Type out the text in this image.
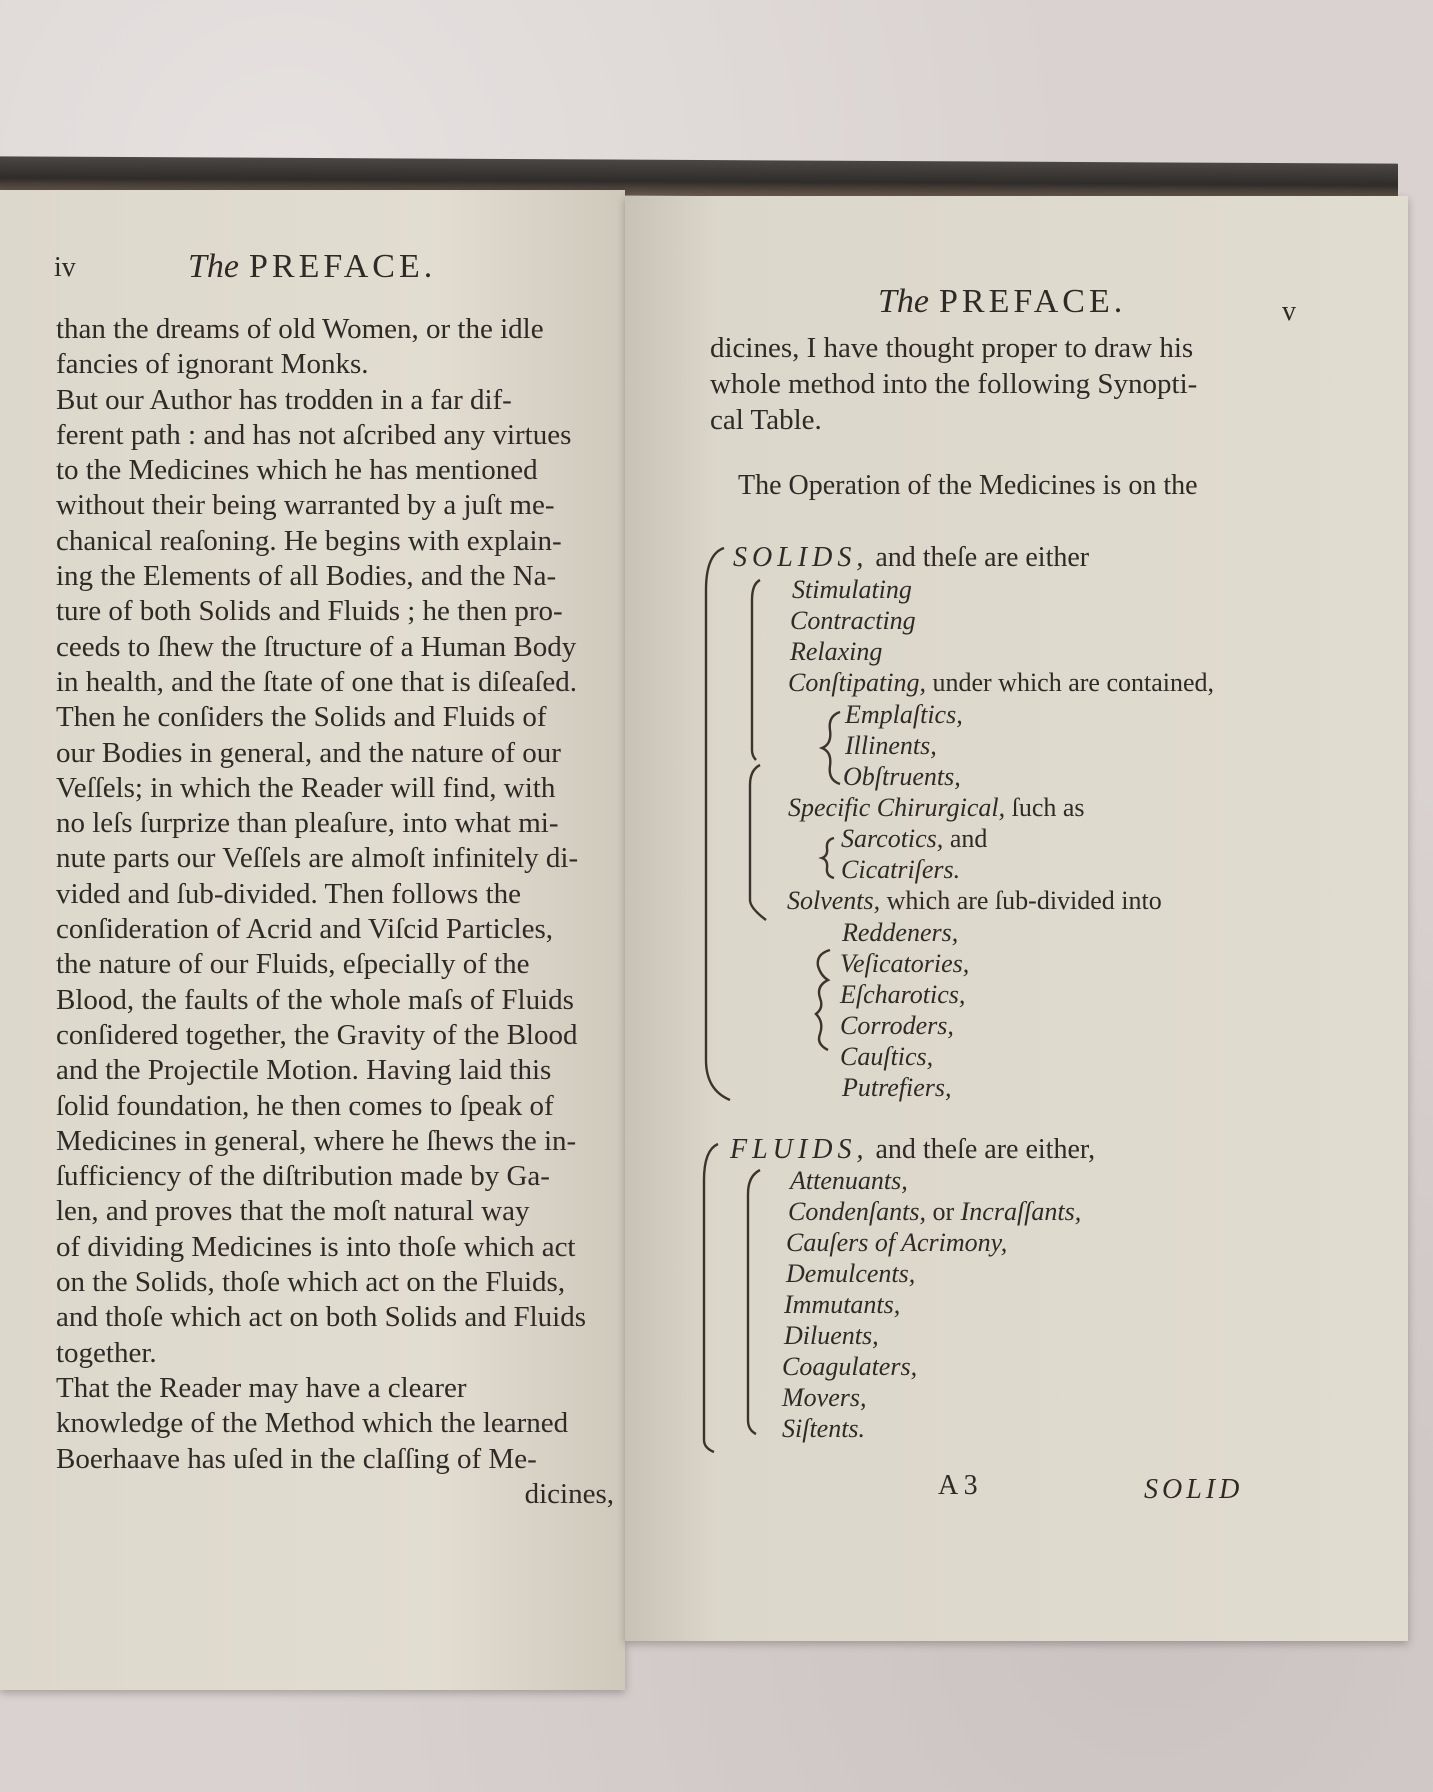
iv	The PREFACE.
than the dreams of old Women, or the idle
fancies of ignorant Monks.
But our Author has trodden in a far dif-
ferent path : and has not aſcribed any virtues
to the Medicines which he has mentioned
without their being warranted by a juſt me-
chanical reaſoning. He begins with explain-
ing the Elements of all Bodies, and the Na-
ture of both Solids and Fluids ; he then pro-
ceeds to ſhew the ſtructure of a Human Body
in health, and the ſtate of one that is diſeaſed.
Then he conſiders the Solids and Fluids of
our Bodies in general, and the nature of our
Veſſels; in which the Reader will find, with
no leſs ſurprize than pleaſure, into what mi-
nute parts our Veſſels are almoſt infinitely di-
vided and ſub-divided. Then follows the
conſideration of Acrid and Viſcid Particles,
the nature of our Fluids, eſpecially of the
Blood, the faults of the whole maſs of Fluids
conſidered together, the Gravity of the Blood
and the Projectile Motion. Having laid this
ſolid foundation, he then comes to ſpeak of
Medicines in general, where he ſhews the in-
ſufficiency of the diſtribution made by Ga-
len, and proves that the moſt natural way
of dividing Medicines is into thoſe which act
on the Solids, thoſe which act on the Fluids,
and thoſe which act on both Solids and Fluids
together.
That the Reader may have a clearer
knowledge of the Method which the learned
Boerhaave has uſed in the claſſing of Me-
dicines,
The PREFACE.	v
dicines, I have thought proper to draw his
whole method into the following Synopti-
cal Table.
The Operation of the Medicines is on the
SOLIDS, and theſe are either
Stimulating
Contracting
Relaxing
Conſtipating, under which are contained,
Emplaſtics,
Illinents,
Obſtruents,
Specific Chirurgical, ſuch as
Sarcotics, and
Cicatriſers.
Solvents, which are ſub-divided into
Reddeners,
Veſicatories,
Eſcharotics,
Corroders,
Cauſtics,
Putrefiers,
FLUIDS, and theſe are either,
Attenuants,
Condenſants, or Incraſſants,
Cauſers of Acrimony,
Demulcents,
Immutants,
Diluents,
Coagulaters,
Movers,
Siſtents.
A 3	SOLID
